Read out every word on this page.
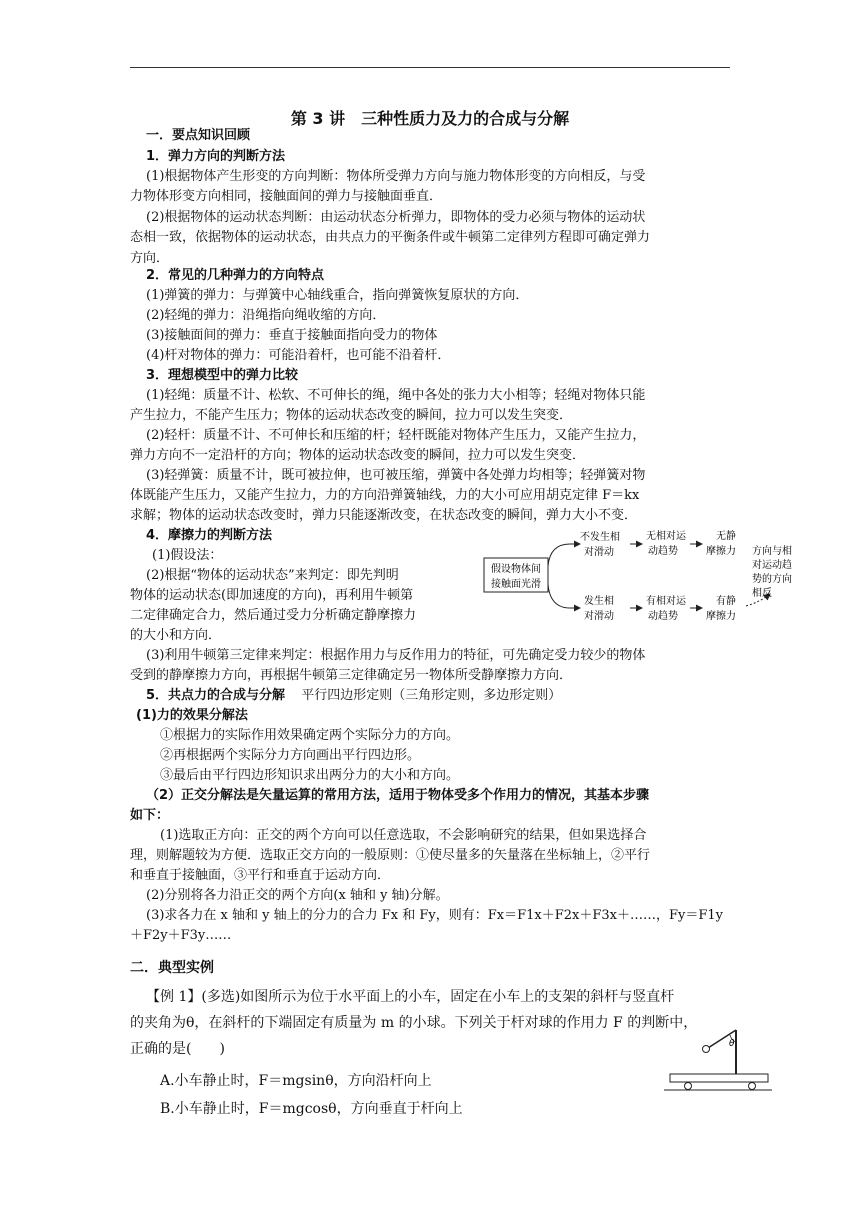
第 3 讲　三种性质力及力的合成与分解
一．要点知识回顾
1．弹力方向的判断方法
(1)根据物体产生形变的方向判断：物体所受弹力方向与施力物体形变的方向相反，与受
力物体形变方向相同，接触面间的弹力与接触面垂直．
(2)根据物体的运动状态判断：由运动状态分析弹力，即物体的受力必须与物体的运动状
态相一致，依据物体的运动状态，由共点力的平衡条件或牛顿第二定律列方程即可确定弹力
方向．
2．常见的几种弹力的方向特点
(1)弹簧的弹力：与弹簧中心轴线重合，指向弹簧恢复原状的方向．
(2)轻绳的弹力：沿绳指向绳收缩的方向．
(3)接触面间的弹力：垂直于接触面指向受力的物体
(4)杆对物体的弹力：可能沿着杆，也可能不沿着杆．
3．理想模型中的弹力比较
(1)轻绳：质量不计、松软、不可伸长的绳，绳中各处的张力大小相等；轻绳对物体只能
产生拉力，不能产生压力；物体的运动状态改变的瞬间，拉力可以发生突变．
(2)轻杆：质量不计、不可伸长和压缩的杆；轻杆既能对物体产生压力，又能产生拉力，
弹力方向不一定沿杆的方向；物体的运动状态改变的瞬间，拉力可以发生突变．
(3)轻弹簧：质量不计，既可被拉伸，也可被压缩，弹簧中各处弹力均相等；轻弹簧对物
体既能产生压力，又能产生拉力，力的方向沿弹簧轴线，力的大小可应用胡克定律 F＝kx
求解；物体的运动状态改变时，弹力只能逐渐改变，在状态改变的瞬间，弹力大小不变．
4．摩擦力的判断方法
(1)假设法：
(2)根据“物体的运动状态”来判定：即先判明
物体的运动状态(即加速度的方向)，再利用牛顿第
二定律确定合力，然后通过受力分析确定静摩擦力
的大小和方向．
假设物体间
接触面光滑
不发生相
对滑动
无相对运
动趋势
无静
摩擦力
发生相
对滑动
有相对运
动趋势
有静
摩擦力
方向与相
对运动趋
势的方向
相反
(3)利用牛顿第三定律来判定：根据作用力与反作用力的特征，可先确定受力较少的物体
受到的静摩擦力方向，再根据牛顿第三定律确定另一物体所受静摩擦力方向．
5．共点力的合成与分解 平行四边形定则（三角形定则，多边形定则）
(1)力的效果分解法
①根据力的实际作用效果确定两个实际分力的方向。
②再根据两个实际分力方向画出平行四边形。
③最后由平行四边形知识求出两分力的大小和方向。
（2）正交分解法是矢量运算的常用方法，适用于物体受多个作用力的情况，其基本步骤
如下：
(1)选取正方向：正交的两个方向可以任意选取，不会影响研究的结果，但如果选择合
理，则解题较为方便．选取正交方向的一般原则：①使尽量多的矢量落在坐标轴上，②平行
和垂直于接触面，③平行和垂直于运动方向．
(2)分别将各力沿正交的两个方向(x 轴和 y 轴)分解。
(3)求各力在 x 轴和 y 轴上的分力的合力 Fx 和 Fy，则有：Fx＝F1x＋F2x＋F3x＋……，Fy＝F1y
＋F2y＋F3y……
二．典型实例
【例 1】(多选)如图所示为位于水平面上的小车，固定在小车上的支架的斜杆与竖直杆
的夹角为θ，在斜杆的下端固定有质量为 m 的小球。下列关于杆对球的作用力 F 的判断中，
正确的是(　　)
A.小车静止时，F＝mgsinθ，方向沿杆向上
B.小车静止时，F＝mgcosθ，方向垂直于杆向上
θ
